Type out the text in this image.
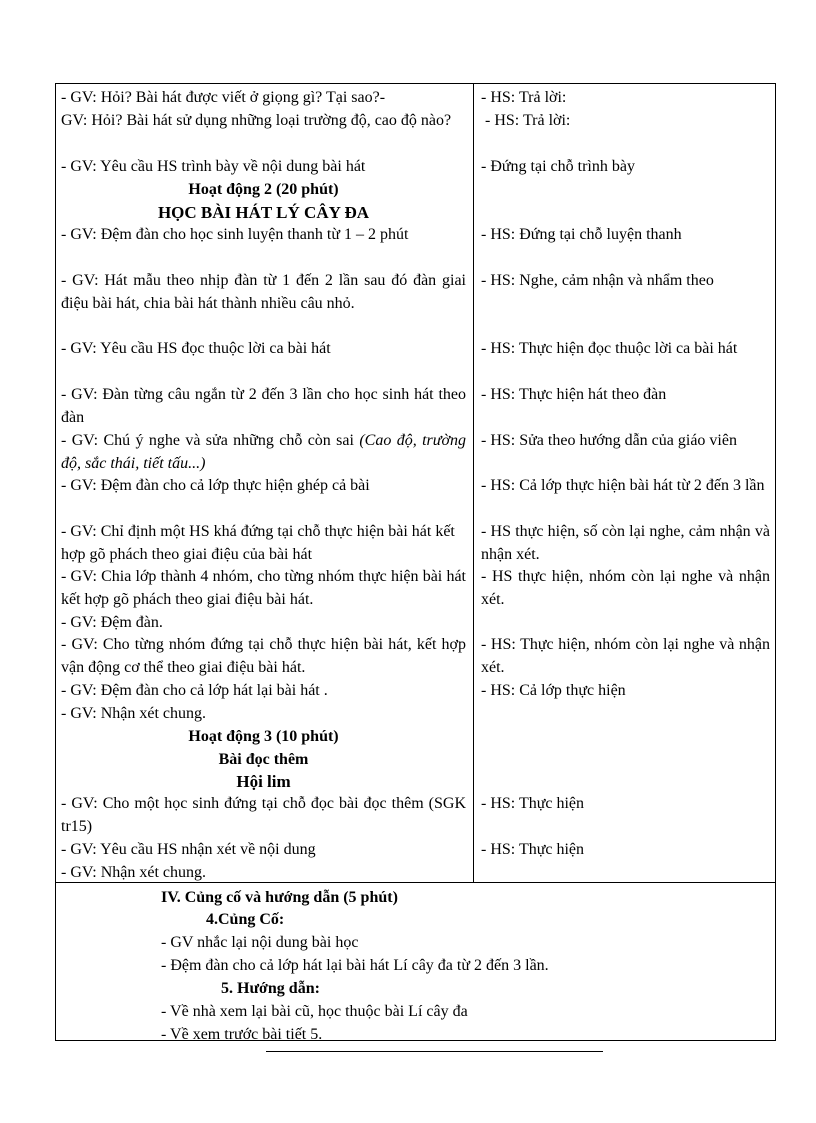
- GV: Hỏi? Bài hát được viết ở giọng gì? Tại sao?-
GV: Hỏi? Bài hát sử dụng những loại trường độ, cao độ nào?
- GV: Yêu cầu HS trình bày về nội dung bài hát
Hoạt động 2 (20 phút)
HỌC BÀI HÁT LÝ CÂY ĐA
- GV: Đệm đàn cho học sinh luyện thanh từ 1 – 2 phút
- GV: Hát mẫu theo nhịp đàn từ 1 đến 2 lần sau đó đàn giai điệu bài hát, chia bài hát thành nhiều câu nhỏ.
- GV: Yêu cầu HS đọc thuộc lời ca bài hát
- GV: Đàn từng câu ngắn từ 2 đến 3 lần cho học sinh hát theo đàn
- GV: Chú ý nghe và sửa những chỗ còn sai (Cao độ, trường độ, sắc thái, tiết tấu...)
- GV: Đệm đàn cho cả lớp thực hiện ghép cả bài
- GV: Chỉ định một HS khá đứng tại chỗ thực hiện bài hát kết hợp gõ phách theo giai điệu của bài hát
- GV: Chia lớp thành 4 nhóm, cho từng nhóm thực hiện bài hát kết hợp gõ phách theo giai điệu bài hát.
- GV: Đệm đàn.
- GV: Cho từng nhóm đứng tại chỗ thực hiện bài hát, kết hợp vận động cơ thể theo giai điệu bài hát.
- GV: Đệm đàn cho cả lớp hát lại bài hát .
- GV: Nhận xét chung.
Hoạt động 3 (10 phút)
Bài đọc thêm
Hội lim
- GV: Cho một học sinh đứng tại chỗ đọc bài đọc thêm (SGK tr15)
- GV: Yêu cầu HS nhận xét về nội dung
- GV: Nhận xét chung.
- HS: Trả lời:
- HS: Trả lời:
- Đứng tại chỗ trình bày
- HS: Đứng tại chỗ luyện thanh
- HS: Nghe, cảm nhận và nhẩm theo
- HS: Thực hiện đọc thuộc lời ca bài hát
- HS: Thực hiện hát theo đàn
- HS: Sửa theo hướng dẫn của giáo viên
- HS: Cả lớp thực hiện bài hát từ 2 đến 3 lần
- HS thực hiện, số còn lại nghe, cảm nhận và nhận xét.
- HS thực hiện, nhóm còn lại nghe và nhận xét.
- HS: Thực hiện, nhóm còn lại nghe và nhận xét.
- HS: Cả lớp thực hiện
- HS: Thực hiện
- HS: Thực hiện
IV. Củng cố và hướng dẫn (5 phút)
4.Củng Cố:
- GV nhắc lại nội dung bài học
- Đệm đàn cho cả lớp hát lại bài hát Lí cây đa từ 2 đến 3 lần.
5. Hướng dẫn:
- Về nhà xem lại bài cũ, học thuộc bài Lí cây đa
- Về xem trước bài tiết 5.
